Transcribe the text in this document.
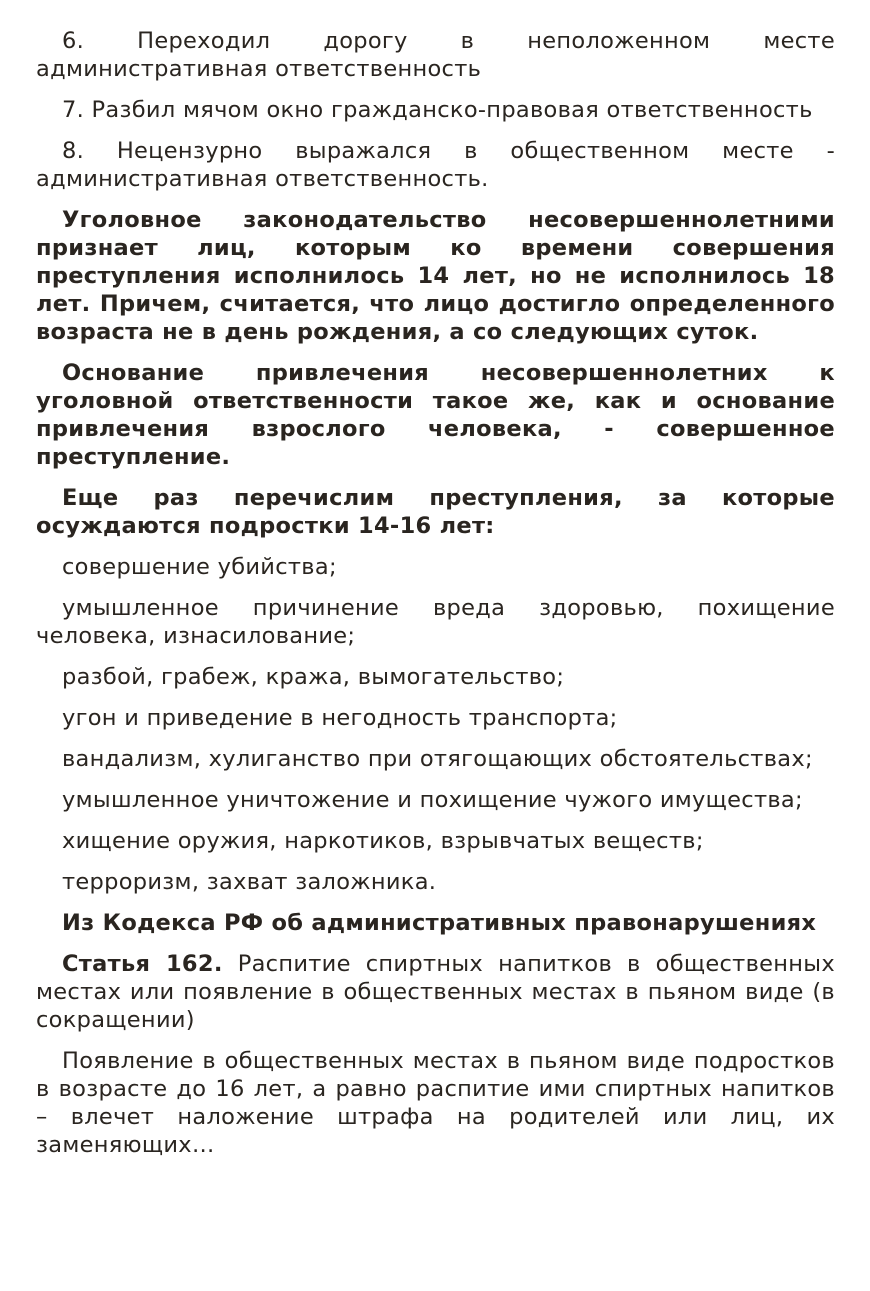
6. Переходил дорогу в неположенном месте административная ответственность

7. Разбил мячом окно гражданско-правовая ответственность

8. Нецензурно выражался в общественном месте - административная ответственность.

Уголовное законодательство несовершеннолетними признает лиц, которым ко времени совершения преступления исполнилось 14 лет, но не исполнилось 18 лет. Причем, считается, что лицо достигло определенного возраста не в день рождения, а со следующих суток.

Основание привлечения несовершеннолетних к уголовной ответственности такое же, как и основание привлечения взрослого человека, - совершенное преступление.

Еще раз перечислим преступления, за которые осуждаются подростки 14-16 лет:

совершение убийства;

умышленное причинение вреда здоровью, похищение человека, изнасилование;

разбой, грабеж, кража, вымогательство;

угон и приведение в негодность транспорта;

вандализм, хулиганство при отягощающих обстоятельствах;

умышленное уничтожение и похищение чужого имущества;

хищение оружия, наркотиков, взрывчатых веществ;

терроризм, захват заложника.

Из Кодекса РФ об административных правонарушениях

Статья 162. Распитие спиртных напитков в общественных местах или появление в общественных местах в пьяном виде (в сокращении)

Появление в общественных местах в пьяном виде подростков в возрасте до 16 лет, а равно распитие ими спиртных напитков – влечет наложение штрафа на родителей или лиц, их заменяющих…
